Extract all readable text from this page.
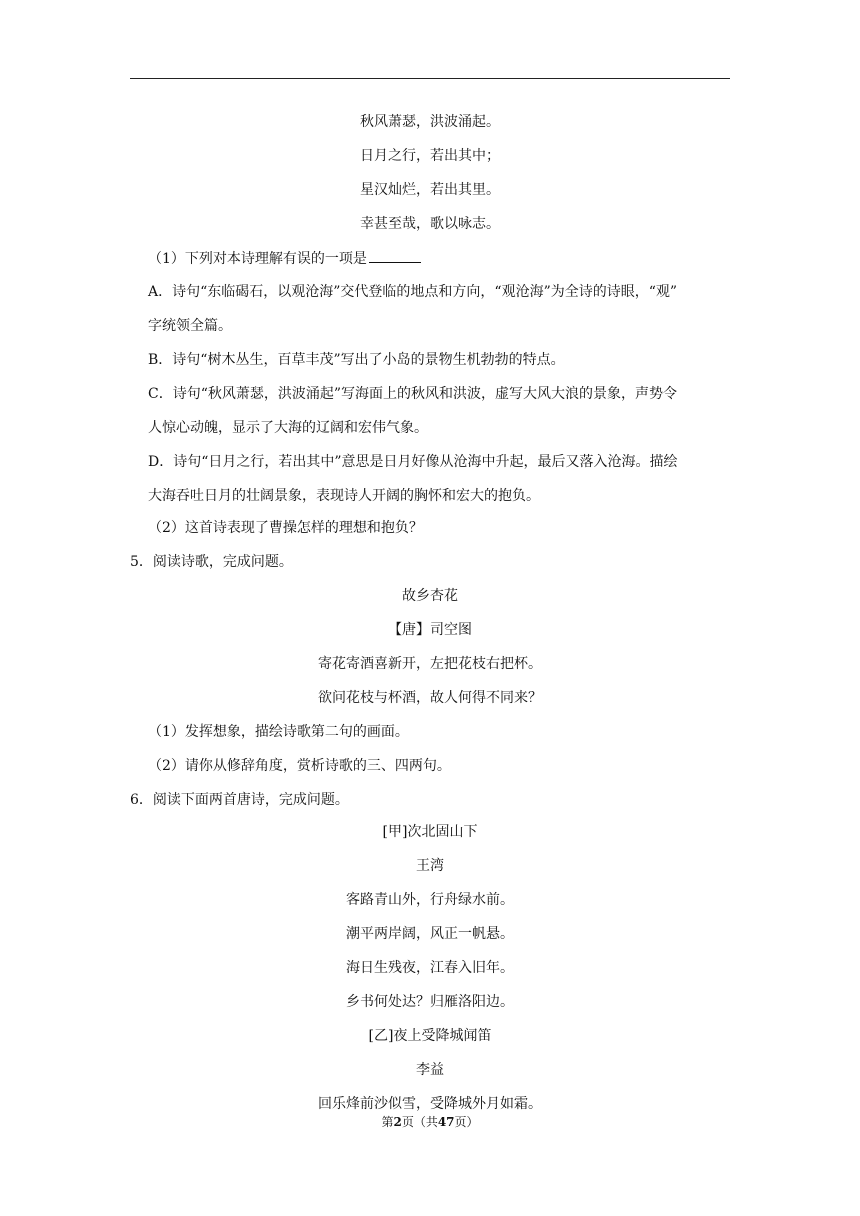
秋风萧瑟，洪波涌起。
日月之行，若出其中；
星汉灿烂，若出其里。
幸甚至哉，歌以咏志。
（1）下列对本诗理解有误的一项是
A．诗句“东临碣石，以观沧海”交代登临的地点和方向，“观沧海”为全诗的诗眼，“观”
字统领全篇。
B．诗句“树木丛生，百草丰茂”写出了小岛的景物生机勃勃的特点。
C．诗句“秋风萧瑟，洪波涌起”写海面上的秋风和洪波，虚写大风大浪的景象，声势令
人惊心动魄，显示了大海的辽阔和宏伟气象。
D．诗句“日月之行，若出其中”意思是日月好像从沧海中升起，最后又落入沧海。描绘
大海吞吐日月的壮阔景象，表现诗人开阔的胸怀和宏大的抱负。
（2）这首诗表现了曹操怎样的理想和抱负？
5．阅读诗歌，完成问题。
故乡杏花
【唐】司空图
寄花寄酒喜新开，左把花枝右把杯。
欲问花枝与杯酒，故人何得不同来？
（1）发挥想象，描绘诗歌第二句的画面。
（2）请你从修辞角度，赏析诗歌的三、四两句。
6．阅读下面两首唐诗，完成问题。
[甲]次北固山下
王湾
客路青山外，行舟绿水前。
潮平两岸阔，风正一帆悬。
海日生残夜，江春入旧年。
乡书何处达？归雁洛阳边。
[乙]夜上受降城闻笛
李益
回乐烽前沙似雪，受降城外月如霜。
第2页（共47页）
